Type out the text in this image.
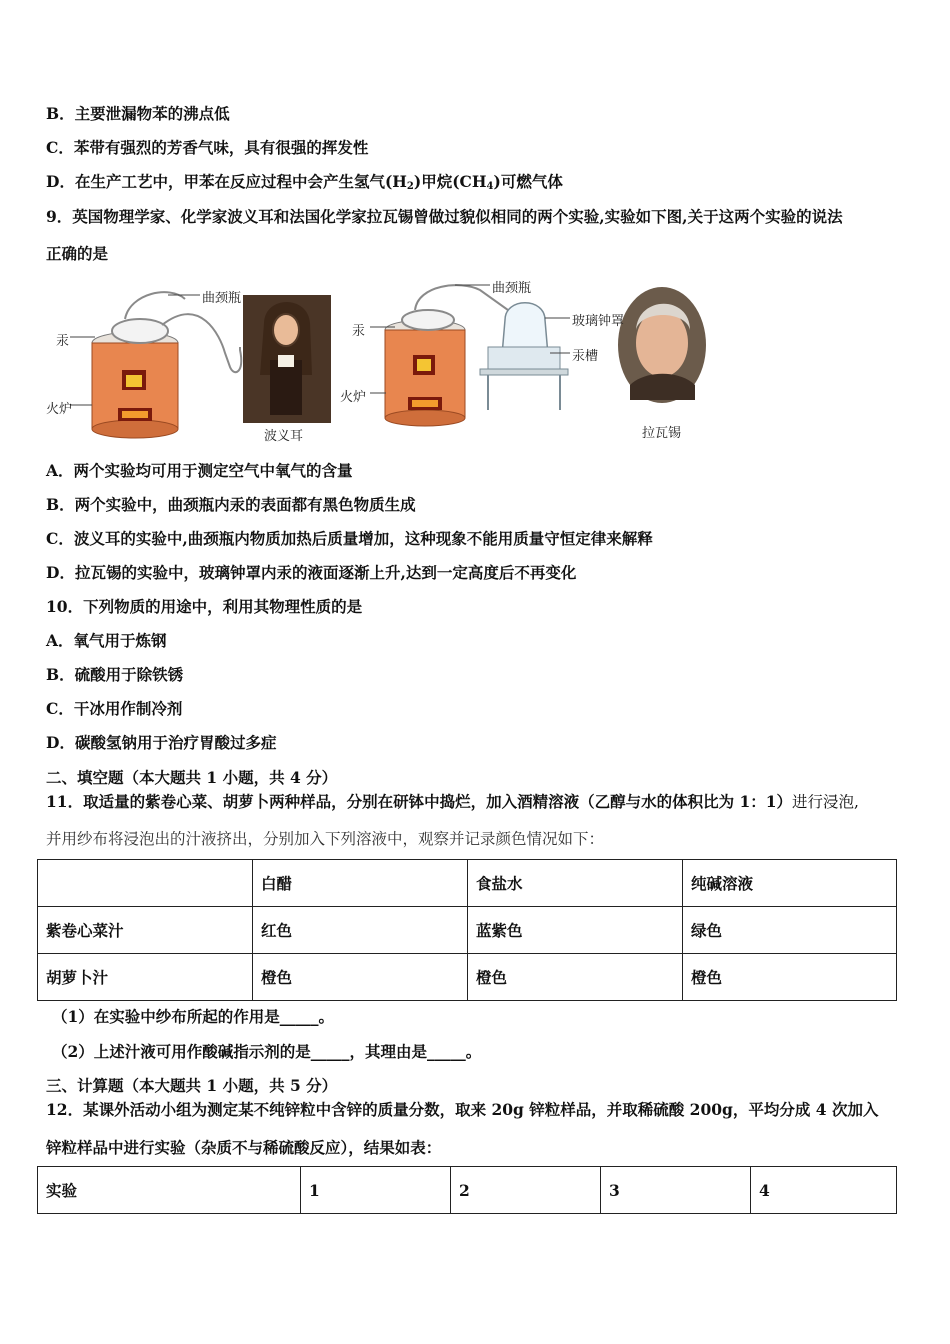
B．主要泄漏物苯的沸点低
C．苯带有强烈的芳香气味，具有很强的挥发性
D．在生产工艺中，甲苯在反应过程中会产生氢气$(H_2)$甲烷$(CH_4)$可燃气体
9．英国物理学家、化学家波义耳和法国化学家拉瓦锡曾做过貌似相同的两个实验,实验如下图,关于这两个实验的说法
正确的是
曲颈瓶
汞
火炉
波义耳
曲颈瓶
汞
火炉
玻璃钟罩
汞槽
拉瓦锡
A．两个实验均可用于测定空气中氧气的含量
B．两个实验中，曲颈瓶内汞的表面都有黑色物质生成
C．波义耳的实验中,曲颈瓶内物质加热后质量增加，这种现象不能用质量守恒定律来解释
D．拉瓦锡的实验中，玻璃钟罩内汞的液面逐渐上升,达到一定高度后不再变化
10．下列物质的用途中，利用其物理性质的是
A．氧气用于炼钢
B．硫酸用于除铁锈
C．干冰用作制冷剂
D．碳酸氢钠用于治疗胃酸过多症
二、填空题（本大题共 1 小题，共 4 分）
11．取适量的紫卷心菜、胡萝卜两种样品，分别在研钵中捣烂，加入酒精溶液（乙醇与水的体积比为 1：1）进行浸泡,
并用纱布将浸泡出的汁液挤出，分别加入下列溶液中，观察并记录颜色情况如下：
	白醋	食盐水	纯碱溶液
紫卷心菜汁	红色	蓝紫色	绿色
胡萝卜汁	橙色	橙色	橙色
（1）在实验中纱布所起的作用是_____。
（2）上述汁液可用作酸碱指示剂的是_____，其理由是_____。
三、计算题（本大题共 1 小题，共 5 分）
12．某课外活动小组为测定某不纯锌粒中含锌的质量分数，取来 20g 锌粒样品，并取稀硫酸 200g，平均分成 4 次加入
锌粒样品中进行实验（杂质不与稀硫酸反应），结果如表：
实验	1	2	3	4
